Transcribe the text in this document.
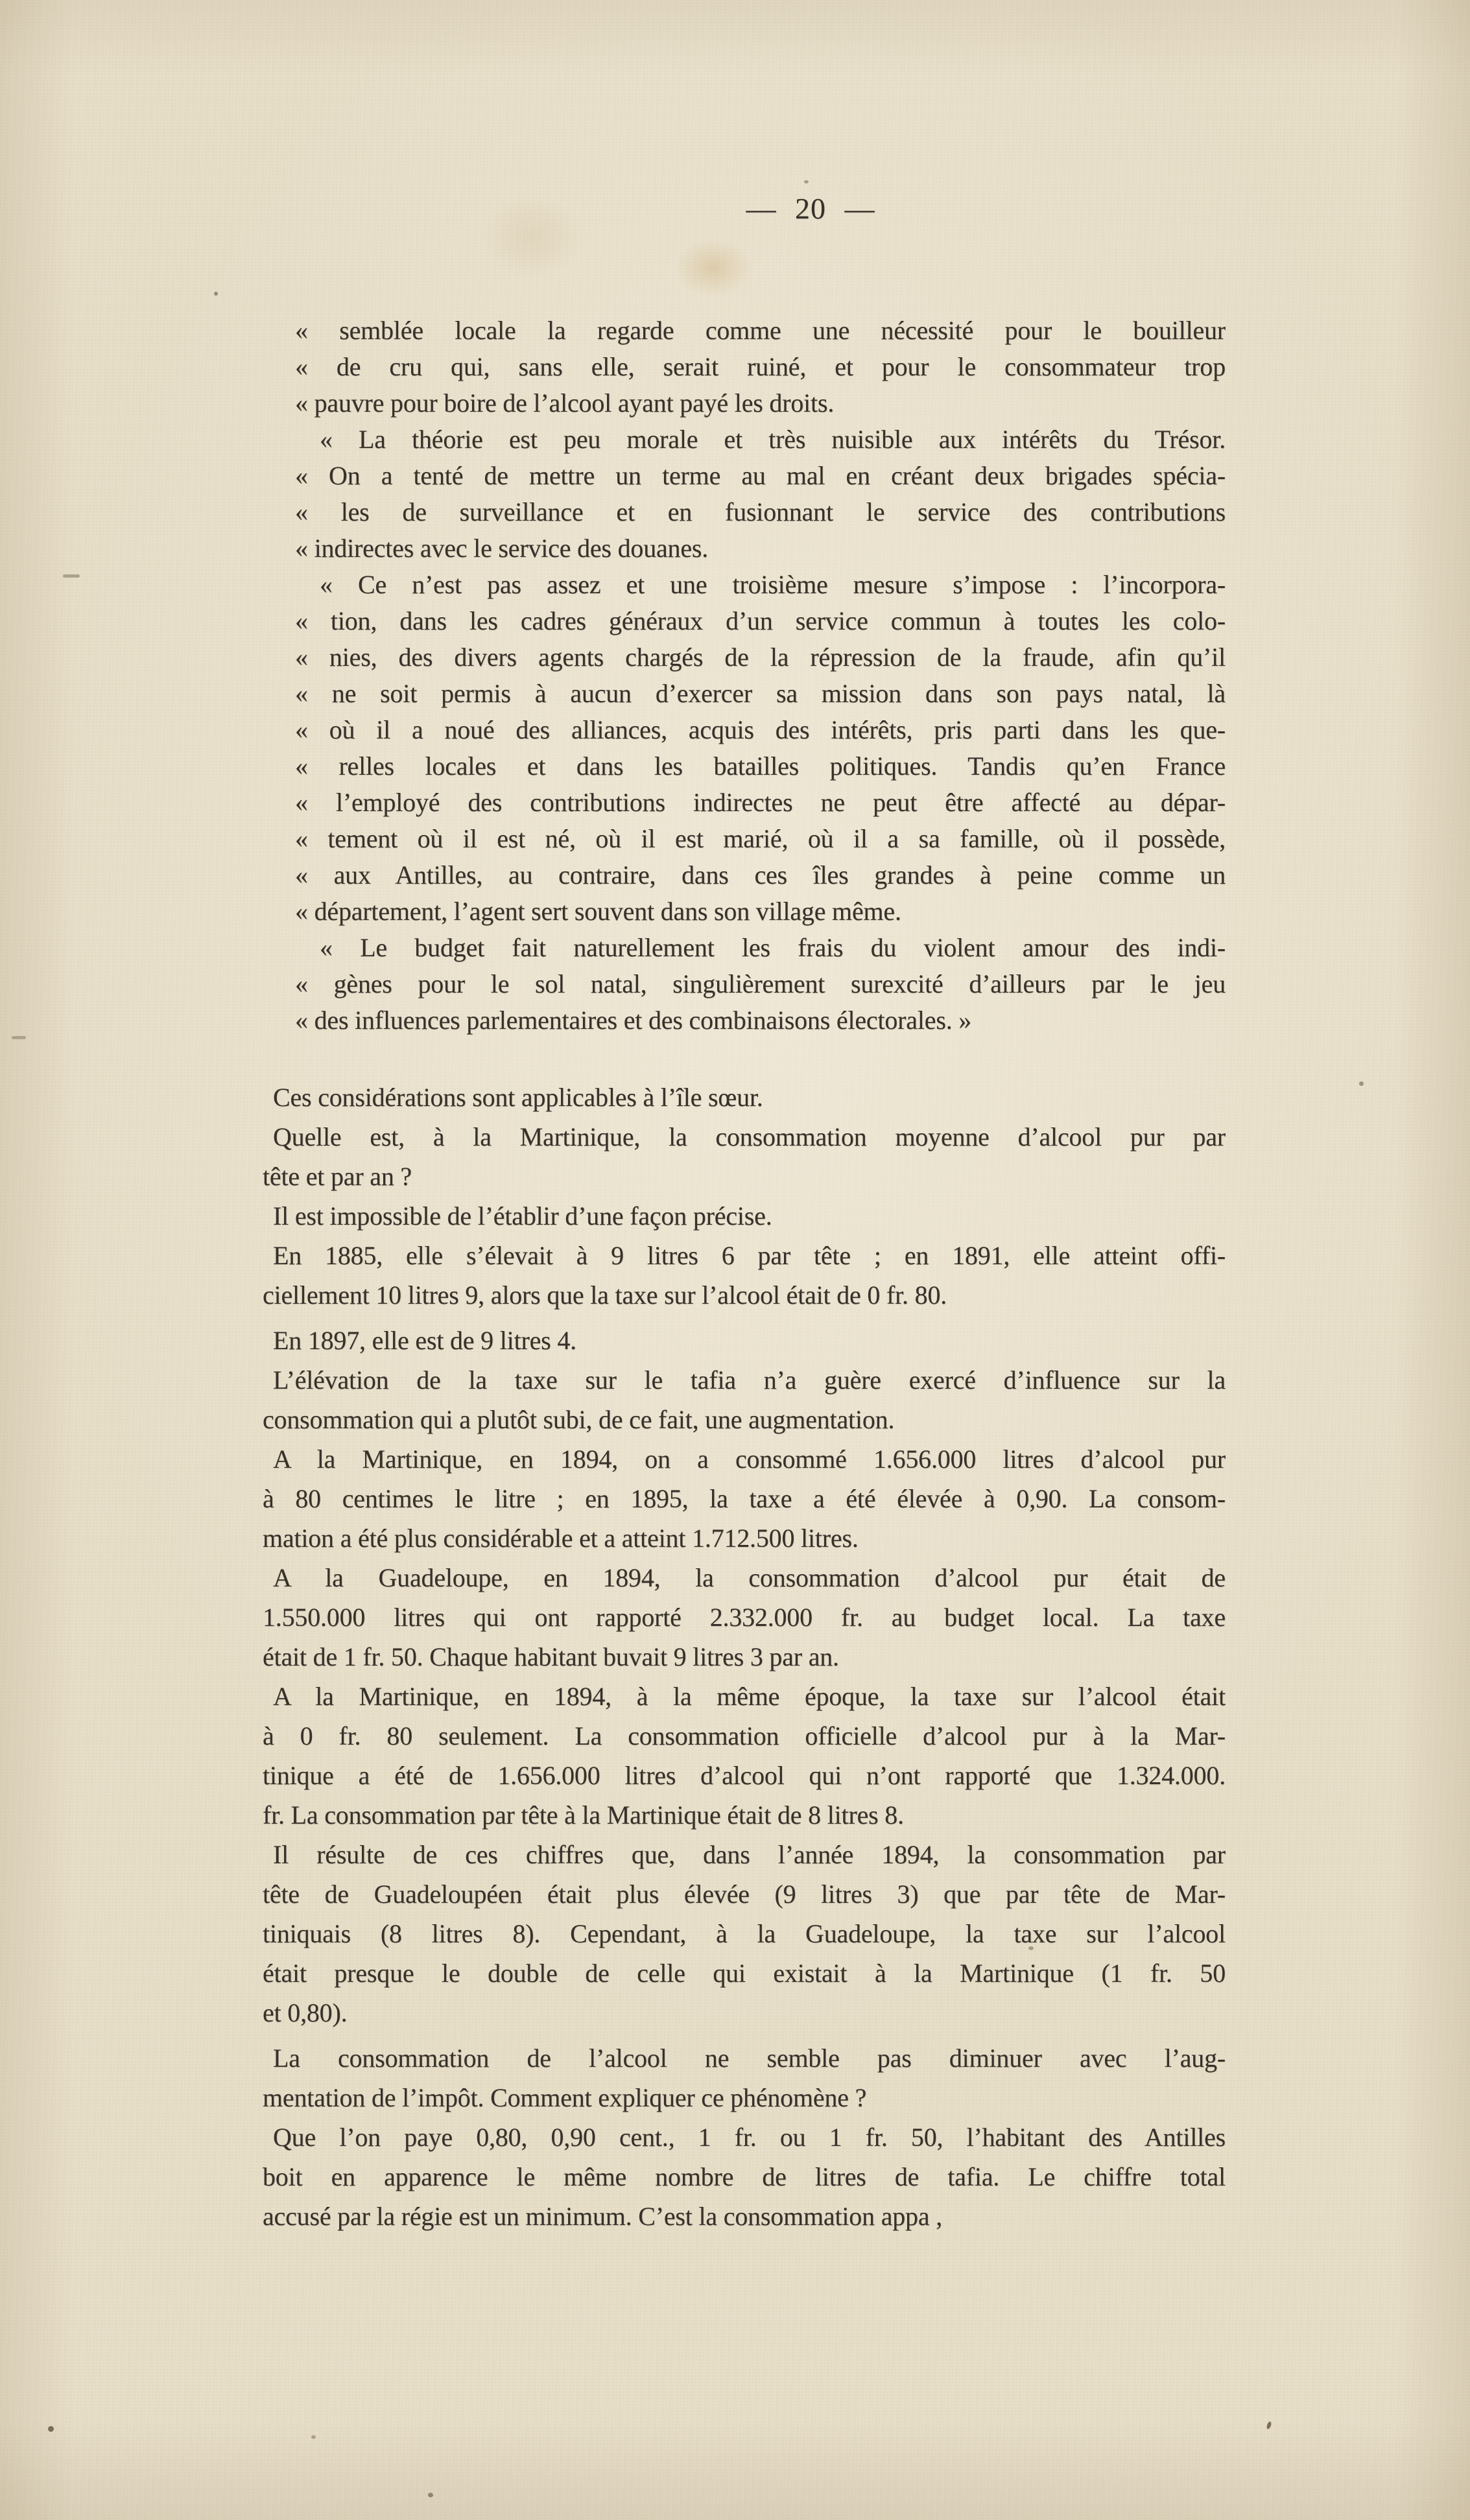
— 20 —

« semblée locale la regarde comme une nécessité pour le bouilleur

« de cru qui, sans elle, serait ruiné, et pour le consommateur trop

« pauvre pour boire de l’alcool ayant payé les droits.

« La théorie est peu morale et très nuisible aux intérêts du Trésor.

« On a tenté de mettre un terme au mal en créant deux brigades spécia-

« les de surveillance et en fusionnant le service des contributions

« indirectes avec le service des douanes.

« Ce n’est pas assez et une troisième mesure s’impose : l’incorpora-

« tion, dans les cadres généraux d’un service commun à toutes les colo-

« nies, des divers agents chargés de la répression de la fraude, afin qu’il

« ne soit permis à aucun d’exercer sa mission dans son pays natal, là

« où il a noué des alliances, acquis des intérêts, pris parti dans les que-

« relles locales et dans les batailles politiques. Tandis qu’en France

« l’employé des contributions indirectes ne peut être affecté au dépar-

« tement où il est né, où il est marié, où il a sa famille, où il possède,

« aux Antilles, au contraire, dans ces îles grandes à peine comme un

« département, l’agent sert souvent dans son village même.

« Le budget fait naturellement les frais du violent amour des indi-

« gènes pour le sol natal, singulièrement surexcité d’ailleurs par le jeu

« des influences parlementaires et des combinaisons électorales. »

Ces considérations sont applicables à l’île sœur.

Quelle est, à la Martinique, la consommation moyenne d’alcool pur par

tête et par an ?

Il est impossible de l’établir d’une façon précise.

En 1885, elle s’élevait à 9 litres 6 par tête ; en 1891, elle atteint offi-

ciellement 10 litres 9, alors que la taxe sur l’alcool était de 0 fr. 80.

En 1897, elle est de 9 litres 4.

L’élévation de la taxe sur le tafia n’a guère exercé d’influence sur la

consommation qui a plutôt subi, de ce fait, une augmentation.

A la Martinique, en 1894, on a consommé 1.656.000 litres d’alcool pur

à 80 centimes le litre ; en 1895, la taxe a été élevée à 0,90. La consom-

mation a été plus considérable et a atteint 1.712.500 litres.

A la Guadeloupe, en 1894, la consommation d’alcool pur était de

1.550.000 litres qui ont rapporté 2.332.000 fr. au budget local. La taxe

était de 1 fr. 50. Chaque habitant buvait 9 litres 3 par an.

A la Martinique, en 1894, à la même époque, la taxe sur l’alcool était

à 0 fr. 80 seulement. La consommation officielle d’alcool pur à la Mar-

tinique a été de 1.656.000 litres d’alcool qui n’ont rapporté que 1.324.000.

fr. La consommation par tête à la Martinique était de 8 litres 8.

Il résulte de ces chiffres que, dans l’année 1894, la consommation par

tête de Guadeloupéen était plus élevée (9 litres 3) que par tête de Mar-

tiniquais (8 litres 8). Cependant, à la Guadeloupe, la taxe sur l’alcool

était presque le double de celle qui existait à la Martinique (1 fr. 50

et 0,80).

La consommation de l’alcool ne semble pas diminuer avec l’aug-

mentation de l’impôt. Comment expliquer ce phénomène ?

Que l’on paye 0,80, 0,90 cent., 1 fr. ou 1 fr. 50, l’habitant des Antilles

boit en apparence le même nombre de litres de tafia. Le chiffre total

accusé par la régie est un minimum. C’est la consommation appa ,
